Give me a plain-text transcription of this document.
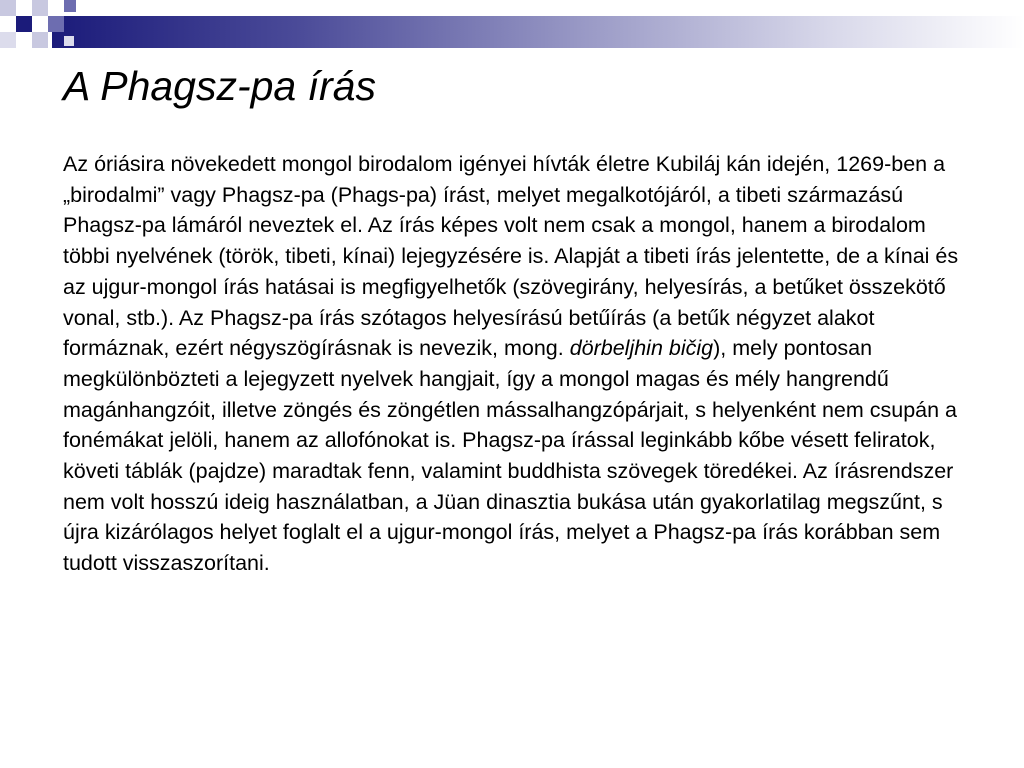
A Phagsz-pa írás

Az óriásira növekedett mongol birodalom igényei hívták életre Kubiláj kán idején, 1269-ben a „birodalmi” vagy Phagsz-pa (Phags-pa) írást, melyet megalkotójáról, a tibeti származású Phagsz-pa lámáról neveztek el. Az írás képes volt nem csak a mongol, hanem a birodalom többi nyelvének (török, tibeti, kínai) lejegyzésére is. Alapját a tibeti írás jelentette, de a kínai és az ujgur-mongol írás hatásai is megfigyelhetők (szövegirány, helyesírás, a betűket összekötő vonal, stb.). Az Phagsz-pa írás szótagos helyesírású betűírás (a betűk négyzet alakot formáznak, ezért négyszögírásnak is nevezik, mong. dörbeljhin bičig), mely pontosan megkülönbözteti a lejegyzett nyelvek hangjait, így a mongol magas és mély hangrendű magánhangzóit, illetve zöngés és zöngétlen mássalhangzópárjait, s helyenként nem csupán a fonémákat jelöli, hanem az allofónokat is. Phagsz-pa írással leginkább kőbe vésett feliratok, követi táblák (pajdze) maradtak fenn, valamint buddhista szövegek töredékei. Az írásrendszer nem volt hosszú ideig használatban, a Jüan dinasztia bukása után gyakorlatilag megszűnt, s újra kizárólagos helyet foglalt el a ujgur-mongol írás, melyet a Phagsz-pa írás korábban sem tudott visszaszorítani.
